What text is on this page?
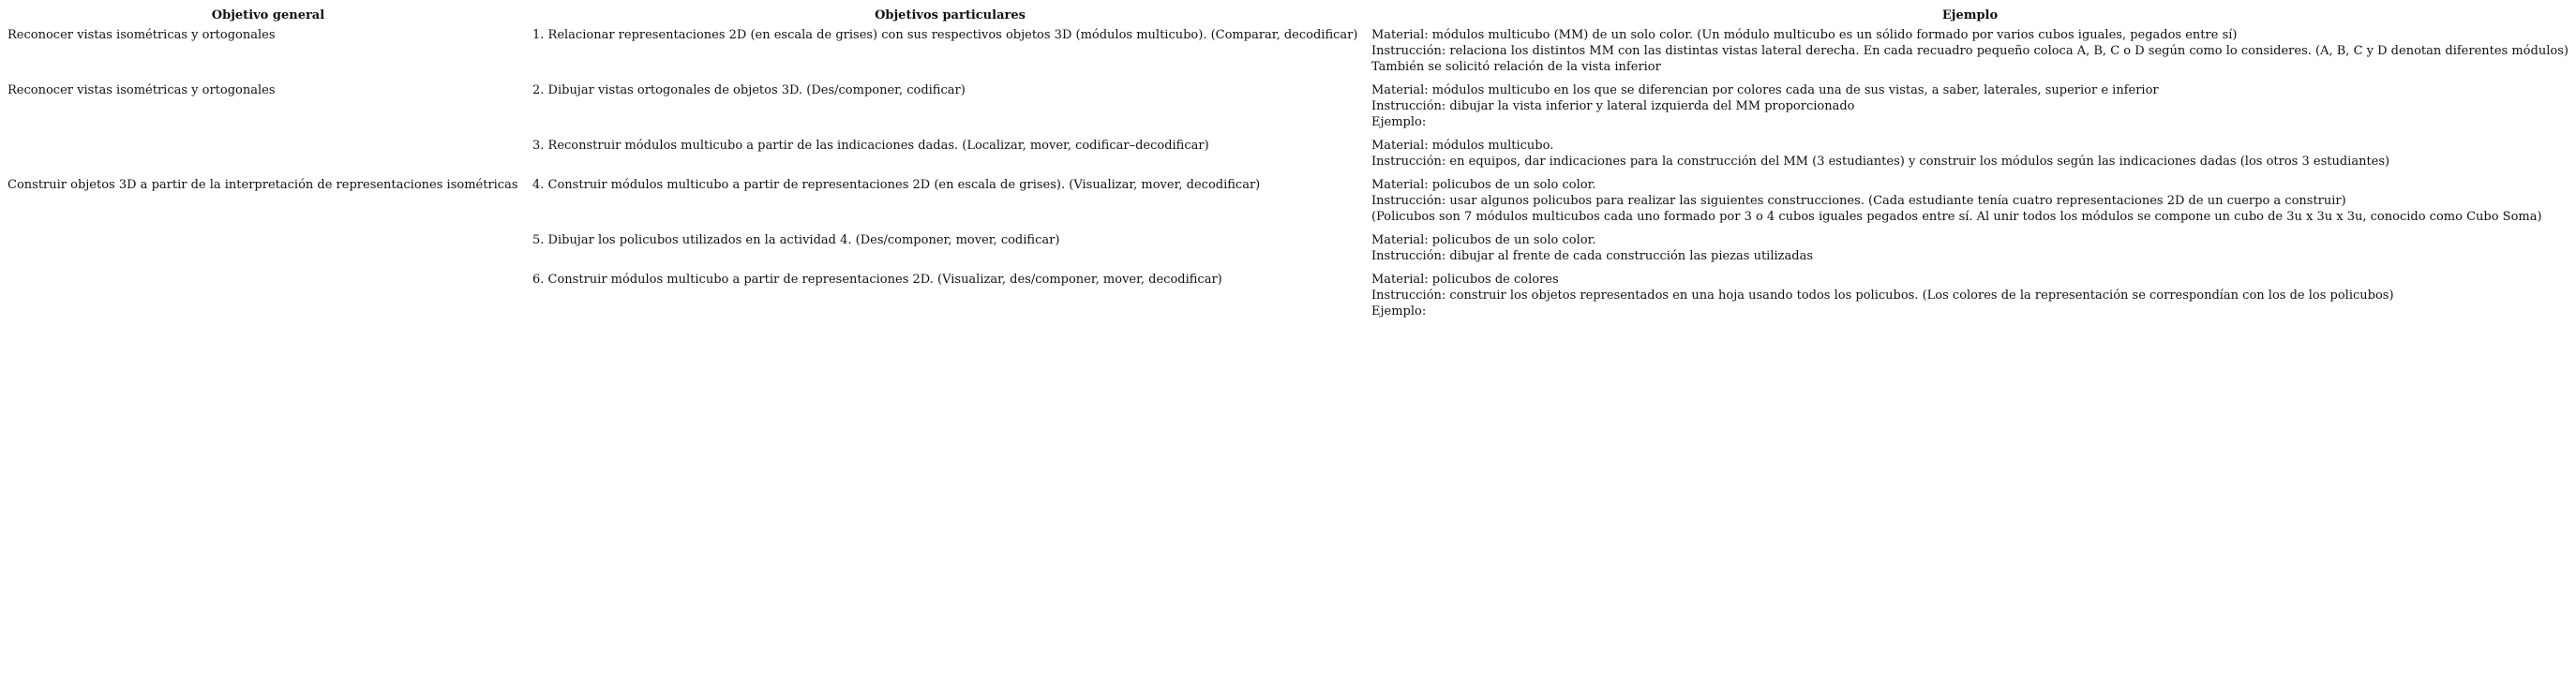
Objetivo general	Objetivos particulares	Ejemplo
Reconocer vistas isométricas y ortogonales	1. Relacionar representaciones 2D (en escala de grises) con sus respectivos objetos 3D (módulos multicubo). (Comparar, decodificar)	Material: módulos multicubo (MM) de un solo color. (Un módulo multicubo es un sólido formado por varios cubos iguales, pegados entre sí)
Instrucción: relaciona los distintos MM con las distintas vistas lateral derecha. En cada recuadro pequeño coloca A, B, C o D según como lo consideres. (A, B, C y D denotan diferentes módulos)
También se solicitó relación de la vista inferior

Reconocer vistas isométricas y ortogonales	2. Dibujar vistas ortogonales de objetos 3D. (Des/componer, codificar)	Material: módulos multicubo en los que se diferencian por colores cada una de sus vistas, a saber, laterales, superior e inferior
Instrucción: dibujar la vista inferior y lateral izquierda del MM proporcionado
Ejemplo:

	3. Reconstruir módulos multicubo a partir de las indicaciones dadas. (Localizar, mover, codificar–decodificar)	Material: módulos multicubo.
Instrucción: en equipos, dar indicaciones para la construcción del MM (3 estudiantes) y construir los módulos según las indicaciones dadas (los otros 3 estudiantes)

Construir objetos 3D a partir de la interpretación de representaciones isométricas	4. Construir módulos multicubo a partir de representaciones 2D (en escala de grises). (Visualizar, mover, decodificar)	Material: policubos de un solo color.
Instrucción: usar algunos policubos para realizar las siguientes construcciones. (Cada estudiante tenía cuatro representaciones 2D de un cuerpo a construir)
(Policubos son 7 módulos multicubos cada uno formado por 3 o 4 cubos iguales pegados entre sí. Al unir todos los módulos se compone un cubo de 3u x 3u x 3u, conocido como Cubo Soma)

	5. Dibujar los policubos utilizados en la actividad 4. (Des/componer, mover, codificar)	Material: policubos de un solo color.
Instrucción: dibujar al frente de cada construcción las piezas utilizadas

	6. Construir módulos multicubo a partir de representaciones 2D. (Visualizar, des/componer, mover, decodificar)	Material: policubos de colores
Instrucción: construir los objetos representados en una hoja usando todos los policubos. (Los colores de la representación se correspondían con los de los policubos)
Ejemplo:
